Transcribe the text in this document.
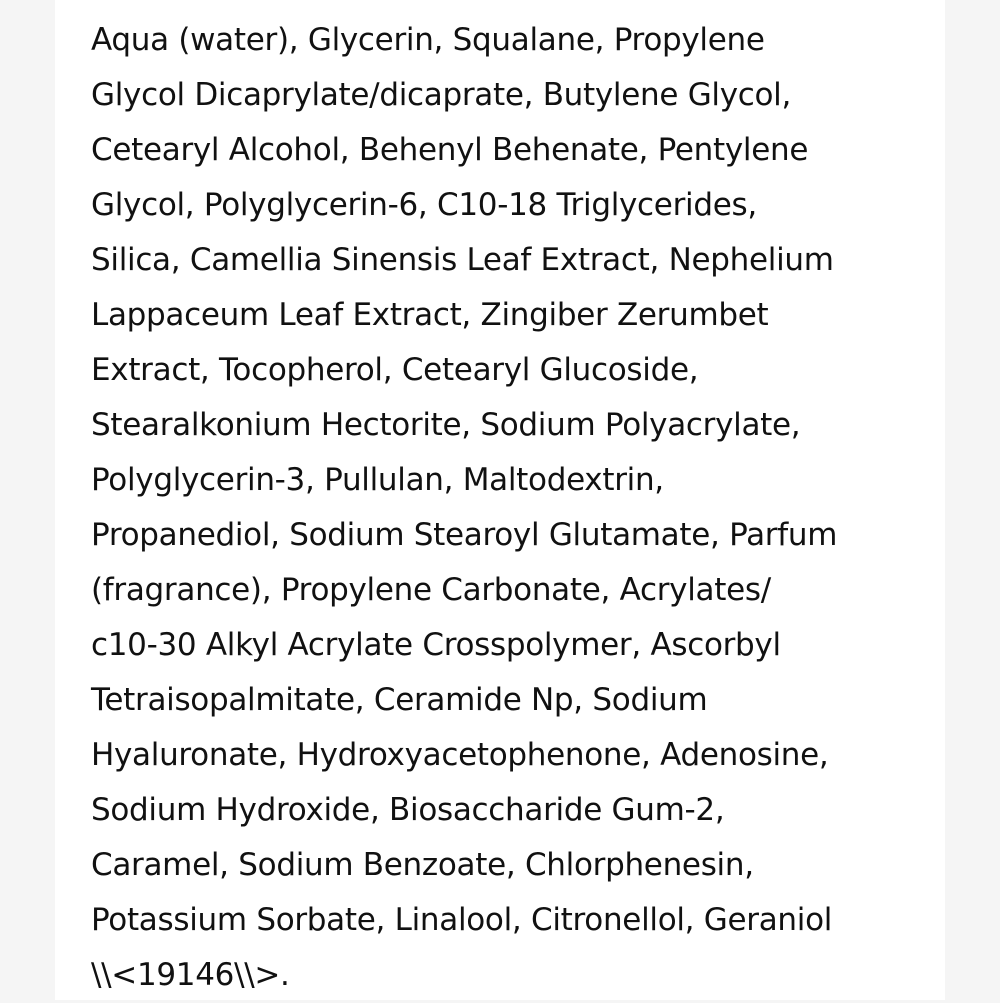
Aqua (water), Glycerin, Squalane, Propylene
Glycol Dicaprylate/dicaprate, Butylene Glycol,
Cetearyl Alcohol, Behenyl Behenate, Pentylene
Glycol, Polyglycerin-6, C10-18 Triglycerides,
Silica, Camellia Sinensis Leaf Extract, Nephelium
Lappaceum Leaf Extract, Zingiber Zerumbet
Extract, Tocopherol, Cetearyl Glucoside,
Stearalkonium Hectorite, Sodium Polyacrylate,
Polyglycerin-3, Pullulan, Maltodextrin,
Propanediol, Sodium Stearoyl Glutamate, Parfum
(fragrance), Propylene Carbonate, Acrylates/
c10-30 Alkyl Acrylate Crosspolymer, Ascorbyl
Tetraisopalmitate, Ceramide Np, Sodium
Hyaluronate, Hydroxyacetophenone, Adenosine,
Sodium Hydroxide, Biosaccharide Gum-2,
Caramel, Sodium Benzoate, Chlorphenesin,
Potassium Sorbate, Linalool, Citronellol, Geraniol
\\<19146\\>.
